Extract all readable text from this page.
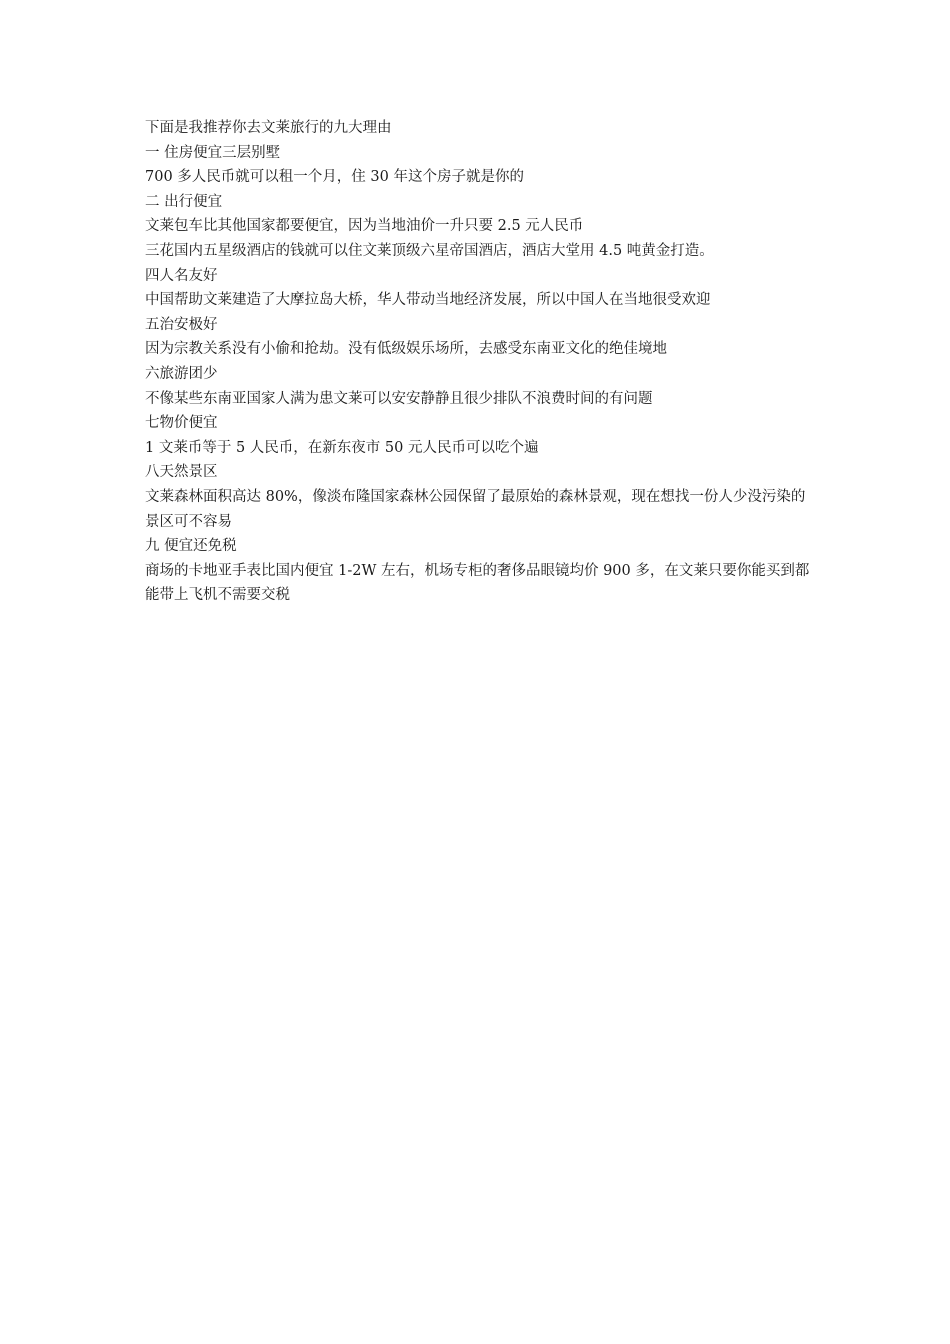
下面是我推荐你去文莱旅行的九大理由

一 住房便宜三层别墅

700 多人民币就可以租一个月，住 30 年这个房子就是你的

二 出行便宜

文莱包车比其他国家都要便宜，因为当地油价一升只要 2.5 元人民币

三花国内五星级酒店的钱就可以住文莱顶级六星帝国酒店，酒店大堂用 4.5 吨黄金打造。

四人名友好

中国帮助文莱建造了大摩拉岛大桥，华人带动当地经济发展，所以中国人在当地很受欢迎

五治安极好

因为宗教关系没有小偷和抢劫。没有低级娱乐场所，去感受东南亚文化的绝佳境地

六旅游团少

不像某些东南亚国家人满为患文莱可以安安静静且很少排队不浪费时间的有问题

七物价便宜

1 文莱币等于 5 人民币，在新东夜市 50 元人民币可以吃个遍

八天然景区

文莱森林面积高达 80%，像淡布隆国家森林公园保留了最原始的森林景观，现在想找一份人少没污染的景区可不容易

九 便宜还免税

商场的卡地亚手表比国内便宜 1-2W 左右，机场专柜的奢侈品眼镜均价 900 多，在文莱只要你能买到都能带上飞机不需要交税
